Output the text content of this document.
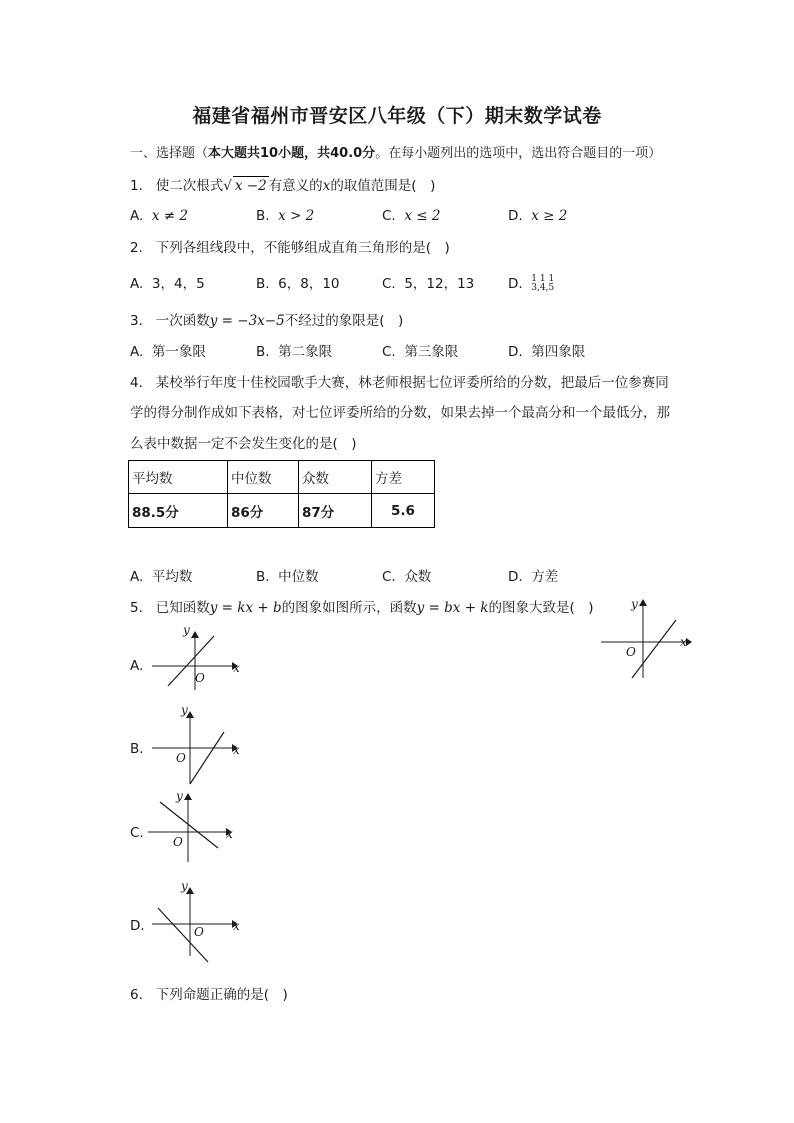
福建省福州市晋安区八年级（下）期末数学试卷
一、选择题（本大题共10小题，共40.0分。在每小题列出的选项中，选出符合题目的一项）
1. 使二次根式√ x −2 有意义的x的取值范围是(　)
A. x ≠ 2	B. x > 2	C. x ≤ 2	D. x ≥ 2
2. 下列各组线段中，不能够组成直角三角形的是(　)
A. 3，4，5	B. 6，8，10	C. 5，12，13 D. 1 1 1
3,4,5
3. 一次函数y = −3x−5不经过的象限是(　)
A. 第一象限	B. 第二象限	C. 第三象限	D. 第四象限
4. 某校举行年度十佳校园歌手大赛，林老师根据七位评委所给的分数，把最后一位参赛同
学的得分制作成如下表格，对七位评委所给的分数，如果去掉一个最高分和一个最低分，那
么表中数据一定不会发生变化的是(　)
平均数	中位数	众数	方差
88.5分	86分	87分	5.6
A. 平均数	B. 中位数	C. 众数	D. 方差
5. 已知函数y = kx + b的图象如图所示，函数y = bx + k的图象大致是(　)
x
y
O
A.	x
y
O
B.	x
y
O
C.	x
y
O
D.	x
y
O
6. 下列命题正确的是(　)
